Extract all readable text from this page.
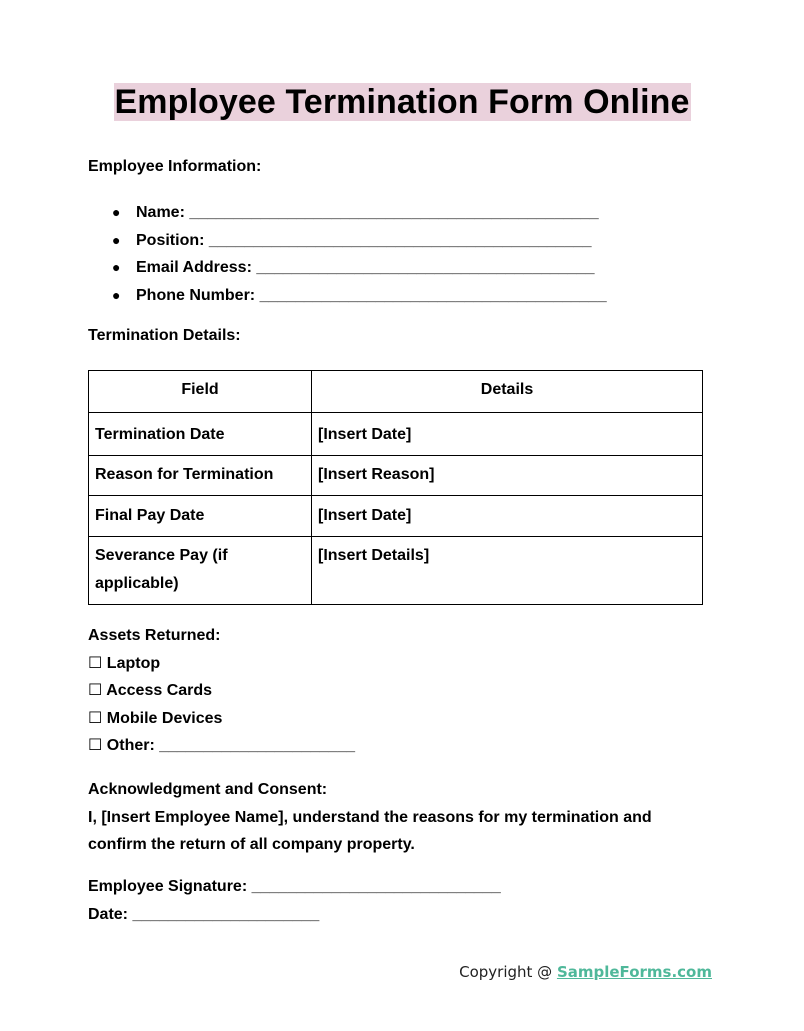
Employee Termination Form Online
Employee Information:
● Name: ______________________________________________
● Position: ___________________________________________
● Email Address: ______________________________________
● Phone Number: _______________________________________
Termination Details:
Field	Details
Termination Date	[Insert Date]
Reason for Termination	[Insert Reason]
Final Pay Date	[Insert Date]
Severance Pay (if applicable)	[Insert Details]
Assets Returned:
☐ Laptop
☐ Access Cards
☐ Mobile Devices
☐ Other: ______________________
Acknowledgment and Consent:
I, [Insert Employee Name], understand the reasons for my termination and
confirm the return of all company property.
Employee Signature: ____________________________
Date: _____________________
Copyright @ SampleForms.com
